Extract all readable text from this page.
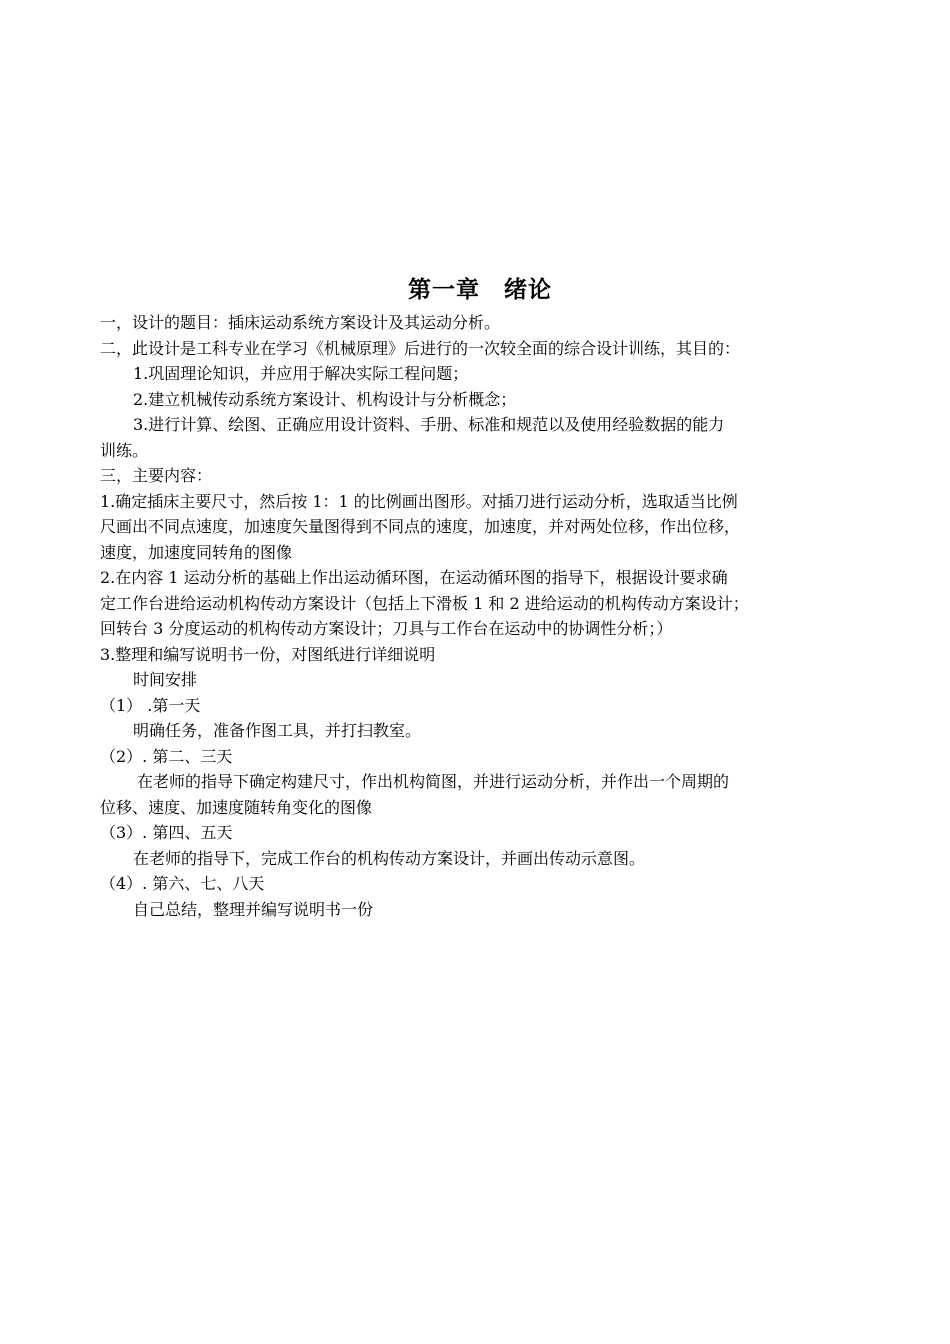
第一章　绪论

一，设计的题目：插床运动系统方案设计及其运动分析。

二，此设计是工科专业在学习《机械原理》后进行的一次较全面的综合设计训练，其目的：

1.巩固理论知识，并应用于解决实际工程问题；

2.建立机械传动系统方案设计、机构设计与分析概念；

3.进行计算、绘图、正确应用设计资料、手册、标准和规范以及使用经验数据的能力

训练。

三，主要内容：

1.确定插床主要尺寸，然后按 1：1 的比例画出图形。对插刀进行运动分析，选取适当比例

尺画出不同点速度，加速度矢量图得到不同点的速度，加速度，并对两处位移，作出位移，

速度，加速度同转角的图像

2.在内容 1 运动分析的基础上作出运动循环图，在运动循环图的指导下，根据设计要求确

定工作台进给运动机构传动方案设计（包括上下滑板 1 和 2 进给运动的机构传动方案设计；

回转台 3 分度运动的机构传动方案设计；刀具与工作台在运动中的协调性分析；）

3.整理和编写说明书一份，对图纸进行详细说明

时间安排

（1） .第一天

明确任务，准备作图工具，并打扫教室。

（2）. 第二、三天

在老师的指导下确定构建尺寸，作出机构简图，并进行运动分析，并作出一个周期的

位移、速度、加速度随转角变化的图像

（3）. 第四、五天

在老师的指导下，完成工作台的机构传动方案设计，并画出传动示意图。

（4）. 第六、七、八天

自己总结，整理并编写说明书一份
